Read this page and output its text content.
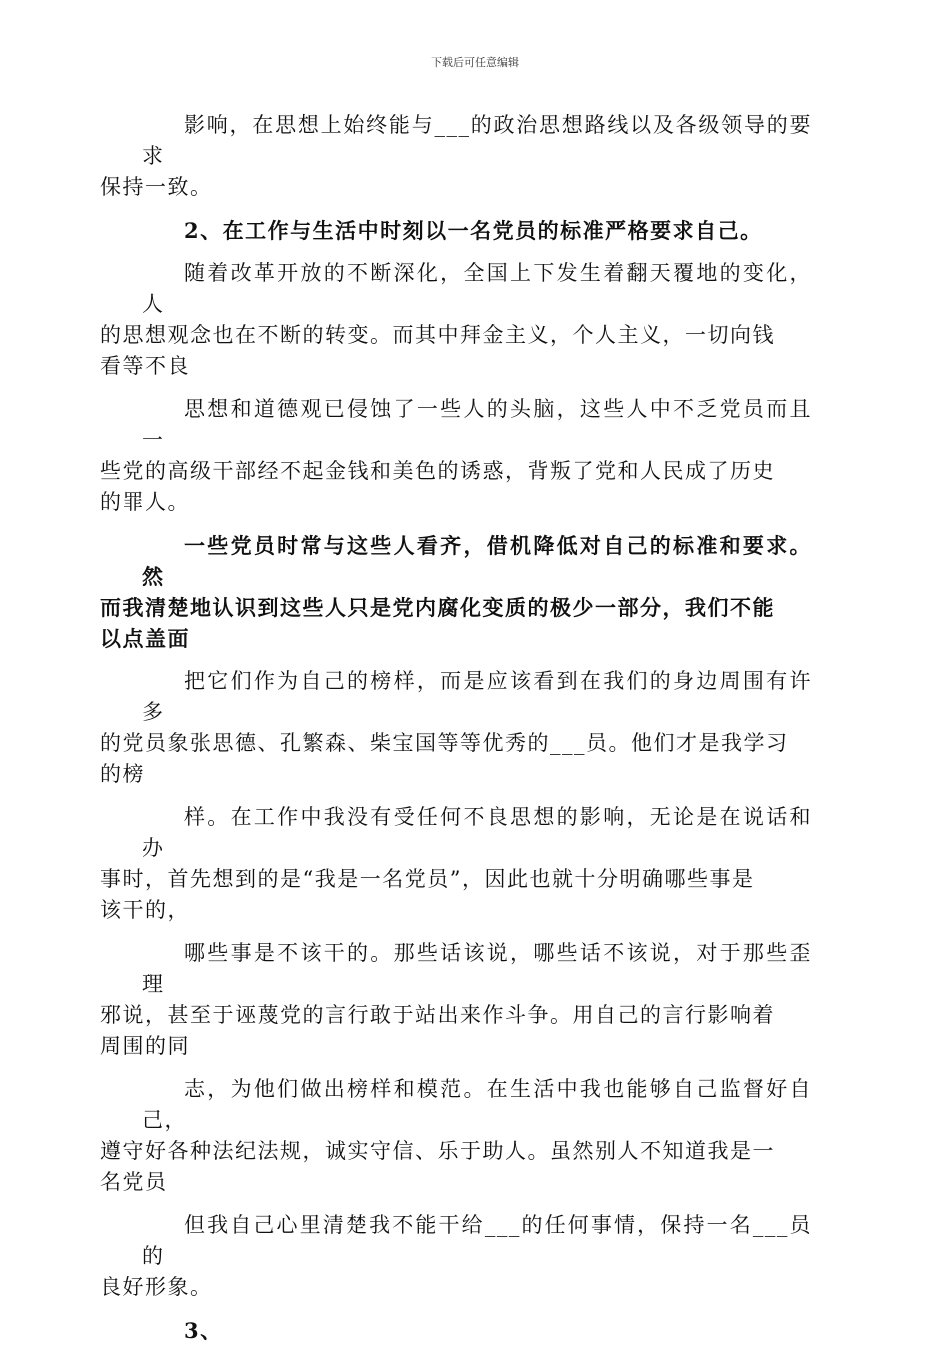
下载后可任意编辑
影响，在思想上始终能与___的政治思想路线以及各级领导的要求
保持一致。
2、在工作与生活中时刻以一名党员的标准严格要求自己。
随着改革开放的不断深化，全国上下发生着翻天覆地的变化，人
的思想观念也在不断的转变。而其中拜金主义，个人主义，一切向钱
看等不良
思想和道德观已侵蚀了一些人的头脑，这些人中不乏党员而且一
些党的高级干部经不起金钱和美色的诱惑，背叛了党和人民成了历史
的罪人。
一些党员时常与这些人看齐，借机降低对自己的标准和要求。然
而我清楚地认识到这些人只是党内腐化变质的极少一部分，我们不能
以点盖面
把它们作为自己的榜样，而是应该看到在我们的身边周围有许多
的党员象张思德、孔繁森、柴宝国等等优秀的___员。他们才是我学习
的榜
样。在工作中我没有受任何不良思想的影响，无论是在说话和办
事时，首先想到的是“我是一名党员”，因此也就十分明确哪些事是
该干的，
哪些事是不该干的。那些话该说，哪些话不该说，对于那些歪理
邪说，甚至于诬蔑党的言行敢于站出来作斗争。用自己的言行影响着
周围的同
志，为他们做出榜样和模范。在生活中我也能够自己监督好自己，
遵守好各种法纪法规，诚实守信、乐于助人。虽然别人不知道我是一
名党员
但我自己心里清楚我不能干给___的任何事情，保持一名___员的
良好形象。
3、
